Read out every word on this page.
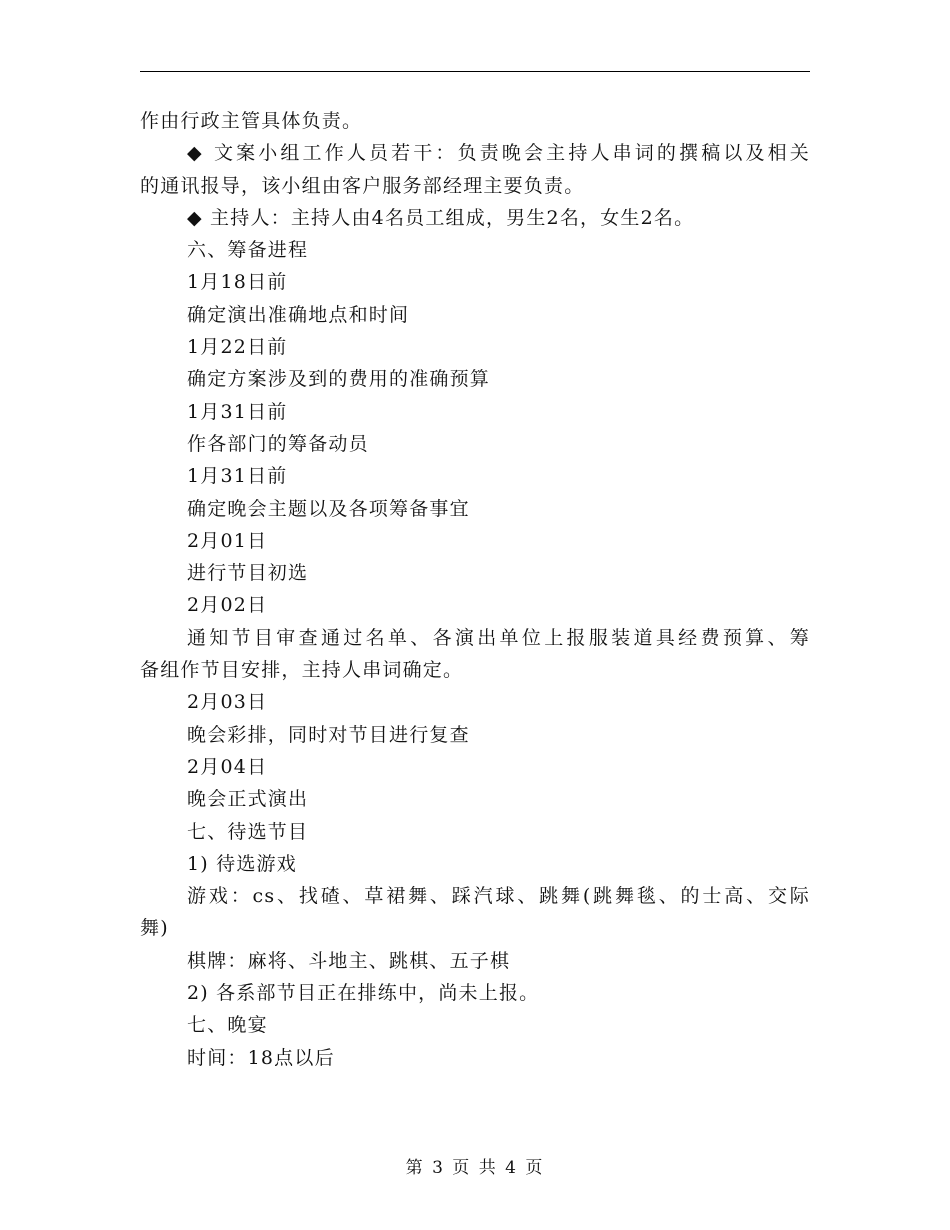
作由行政主管具体负责。
◆ 文案小组工作人员若干：负责晚会主持人串词的撰稿以及相关
的通讯报导，该小组由客户服务部经理主要负责。
◆ 主持人：主持人由4名员工组成，男生2名，女生2名。
六、筹备进程
1月18日前
确定演出准确地点和时间
1月22日前
确定方案涉及到的费用的准确预算
1月31日前
作各部门的筹备动员
1月31日前
确定晚会主题以及各项筹备事宜
2月01日
进行节目初选
2月02日
通知节目审查通过名单、各演出单位上报服装道具经费预算、筹
备组作节目安排，主持人串词确定。
2月03日
晚会彩排，同时对节目进行复查
2月04日
晚会正式演出
七、待选节目
1) 待选游戏
游戏：cs、找碴、草裙舞、踩汽球、跳舞(跳舞毯、的士高、交际
舞)
棋牌：麻将、斗地主、跳棋、五子棋
2) 各系部节目正在排练中，尚未上报。
七、晚宴
时间：18点以后
第 3 页 共 4 页
